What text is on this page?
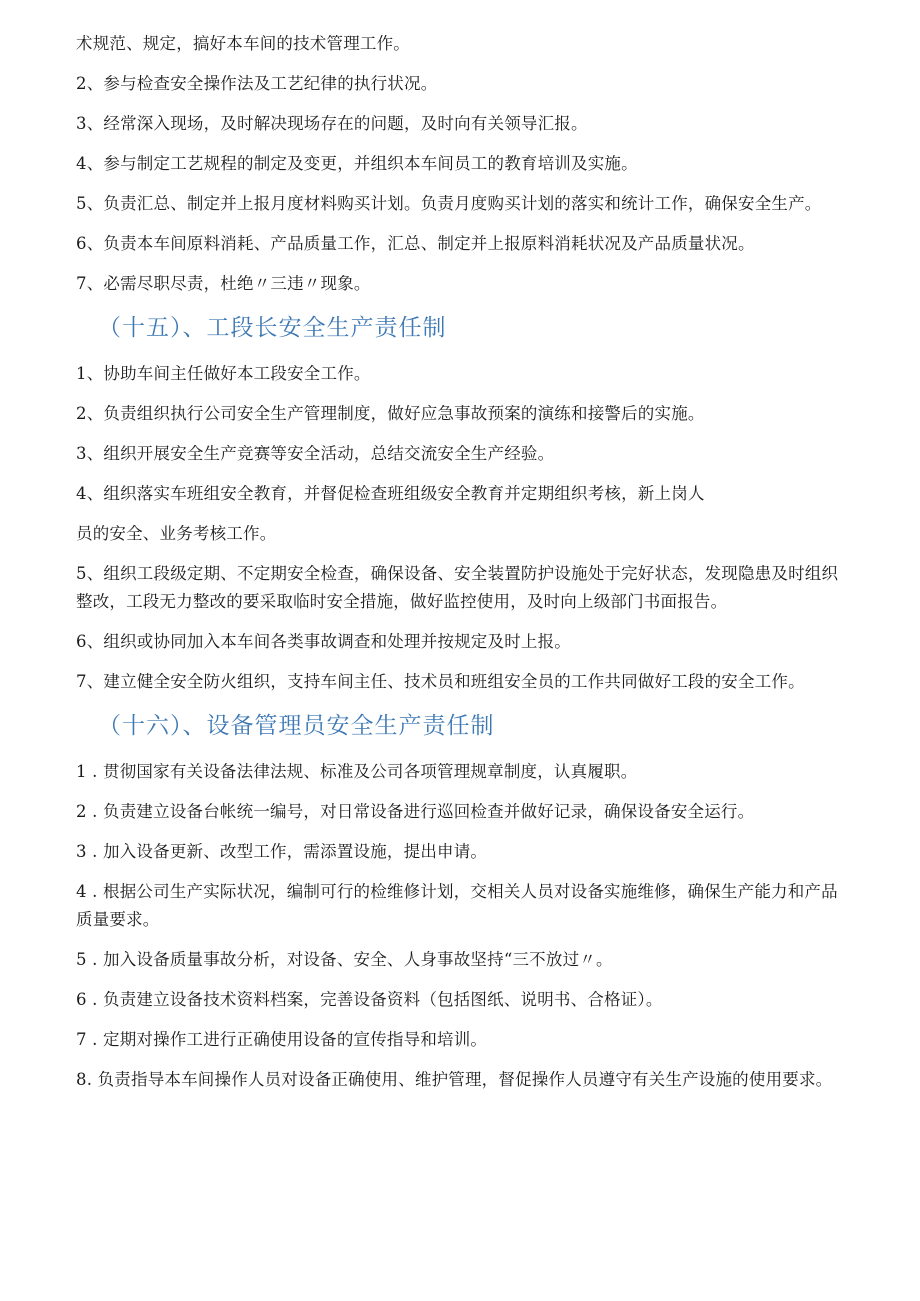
术规范、规定，搞好本车间的技术管理工作。

2、参与检查安全操作法及工艺纪律的执行状况。

3、经常深入现场，及时解决现场存在的问题，及时向有关领导汇报。

4、参与制定工艺规程的制定及变更，并组织本车间员工的教育培训及实施。

5、负责汇总、制定并上报月度材料购买计划。负责月度购买计划的落实和统计工作，确保安全生产。

6、负责本车间原料消耗、产品质量工作，汇总、制定并上报原料消耗状况及产品质量状况。

7、必需尽职尽责，杜绝〃三违〃现象。

（十五）、工段长安全生产责任制

1、协助车间主任做好本工段安全工作。

2、负责组织执行公司安全生产管理制度，做好应急事故预案的演练和接警后的实施。

3、组织开展安全生产竞赛等安全活动，总结交流安全生产经验。

4、组织落实车班组安全教育，并督促检查班组级安全教育并定期组织考核，新上岗人

员的安全、业务考核工作。

5、组织工段级定期、不定期安全检查，确保设备、安全装置防护设施处于完好状态，发现隐患及时组织整改，工段无力整改的要采取临时安全措施，做好监控使用，及时向上级部门书面报告。

6、组织或协同加入本车间各类事故调查和处理并按规定及时上报。

7、建立健全安全防火组织，支持车间主任、技术员和班组安全员的工作共同做好工段的安全工作。

（十六）、设备管理员安全生产责任制

1 . 贯彻国家有关设备法律法规、标准及公司各项管理规章制度，认真履职。

2 . 负责建立设备台帐统一编号，对日常设备进行巡回检查并做好记录，确保设备安全运行。

3 . 加入设备更新、改型工作，需添置设施，提出申请。

4 . 根据公司生产实际状况，编制可行的检维修计划，交相关人员对设备实施维修，确保生产能力和产品质量要求。

5 . 加入设备质量事故分析，对设备、安全、人身事故坚持“三不放过〃。

6 . 负责建立设备技术资料档案，完善设备资料（包括图纸、说明书、合格证）。

7 . 定期对操作工进行正确使用设备的宣传指导和培训。

8. 负责指导本车间操作人员对设备正确使用、维护管理，督促操作人员遵守有关生产设施的使用要求。
